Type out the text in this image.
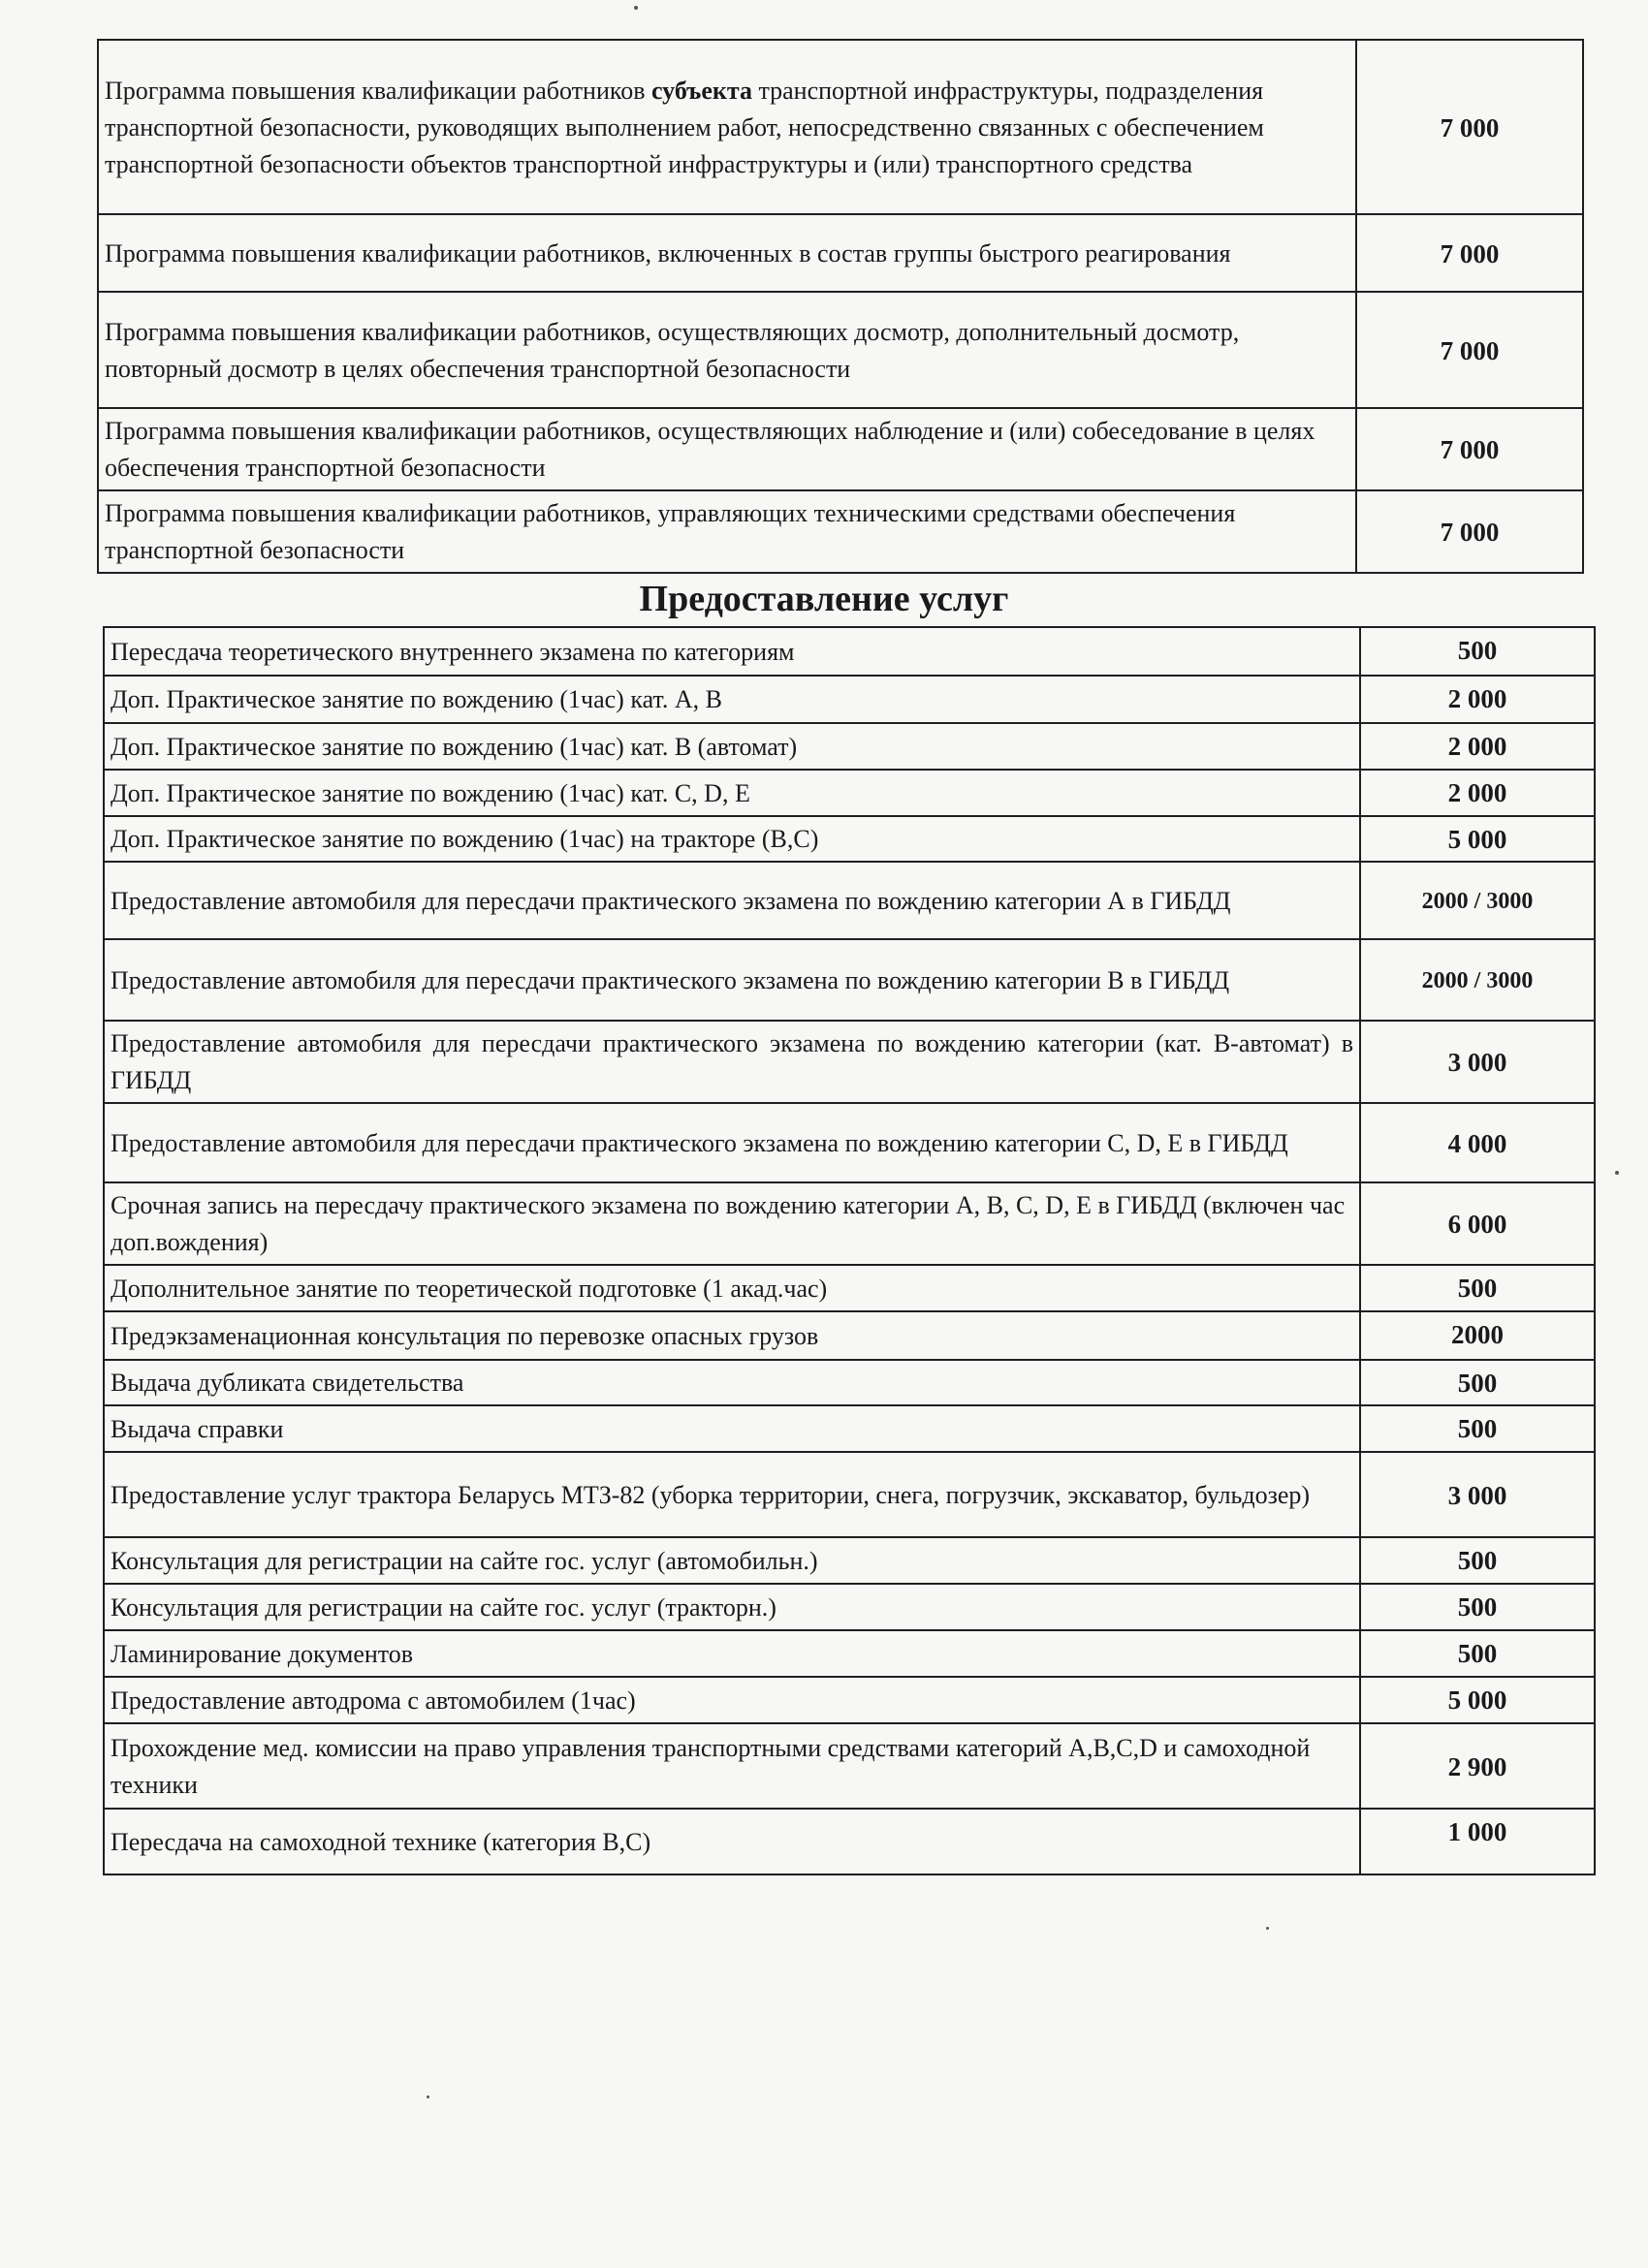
Программа повышения квалификации работников субъекта транспортной инфраструктуры, подразделения транспортной безопасности, руководящих выполнением работ, непосредственно связанных с обеспечением транспортной безопасности объектов транспортной инфраструктуры и (или) транспортного средства	7 000
Программа повышения квалификации работников, включенных в состав группы быстрого реагирования	7 000
Программа повышения квалификации работников, осуществляющих досмотр, дополнительный досмотр, повторный досмотр в целях обеспечения транспортной безопасности	7 000
Программа повышения квалификации работников, осуществляющих наблюдение и (или) собеседование в целях обеспечения транспортной безопасности	7 000
Программа повышения квалификации работников, управляющих техническими средствами обеспечения транспортной безопасности	7 000
Предоставление услуг
Пересдача теоретического внутреннего экзамена по категориям	500
Доп. Практическое занятие по вождению (1час) кат. А, В	2 000
Доп. Практическое занятие по вождению (1час) кат. В (автомат)	2 000
Доп. Практическое занятие по вождению (1час) кат. С, D, Е	2 000
Доп. Практическое занятие по вождению (1час) на тракторе (В,С)	5 000
Предоставление автомобиля для пересдачи практического экзамена по вождению категории А в ГИБДД	2000 / 3000
Предоставление автомобиля для пересдачи практического экзамена по вождению категории В в ГИБДД	2000 / 3000
Предоставление автомобиля для пересдачи практического экзамена по вождению категории (кат. В-автомат) в ГИБДД	3 000
Предоставление автомобиля для пересдачи практического экзамена по вождению категории С, D, Е в ГИБДД	4 000
Срочная запись на пересдачу практического экзамена по вождению категории А, В, С, D, Е в ГИБДД (включен час доп.вождения)	6 000
Дополнительное занятие по теоретической подготовке (1 акад.час)	500
Предэкзаменационная консультация по перевозке опасных грузов	2000
Выдача дубликата свидетельства	500
Выдача справки	500
Предоставление услуг трактора Беларусь МТЗ-82 (уборка территории, снега, погрузчик, экскаватор, бульдозер)	3 000
Консультация для регистрации на сайте гос. услуг (автомобильн.)	500
Консультация для регистрации на сайте гос. услуг (тракторн.)	500
Ламинирование документов	500
Предоставление автодрома с автомобилем (1час)	5 000
Прохождение мед. комиссии на право управления транспортными средствами категорий А,В,С,D и самоходной техники	2 900
Пересдача на самоходной технике (категория В,С)	1 000
